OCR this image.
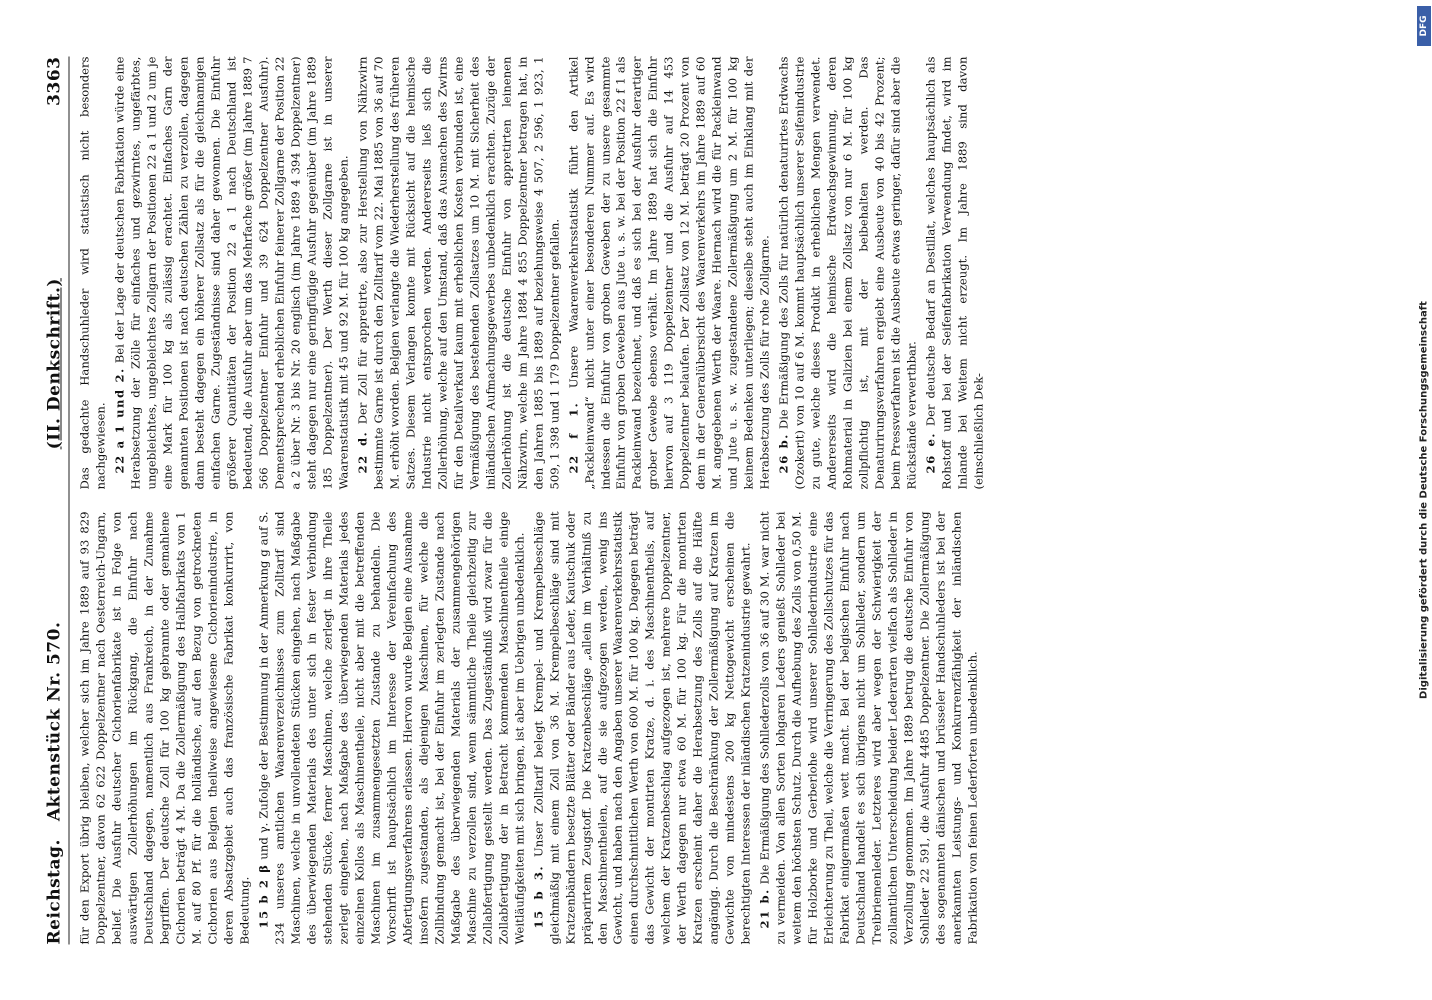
Reichstag.
Aktenstück Nr. 570.
(II. Denkschrift.)
3363

für den Export übrig bleiben, welcher sich im Jahre 1889 auf 93 829 Doppelzentner, davon 62 622 Doppelzentner nach Oesterreich-Ungarn, belief. Die Ausfuhr deutscher Cichorienfabrikate ist in Folge von auswärtigen Zollerhöhungen im Rückgang, die Einfuhr nach Deutschland dagegen, namentlich aus Frankreich, in der Zunahme begriffen. Der deutsche Zoll für 100 kg gebrannte oder gemahlene Cichorien beträgt 4 M. Da die Zollermäßigung des Halbfabrikats von 1 M. auf 80 Pf. für die holländische, auf den Bezug von getrockneten Cichorien aus Belgien theilweise angewiesene Cichorienindustrie, in deren Absatzgebiet auch das französische Fabrikat konkurrirt, von Bedeutung. 15 b 2 β und γ. Zufolge der Bestimmung in der Anmerkung g auf S. 234 unseres amtlichen Waarenverzeichnisses zum Zolltarif sind Maschinen, welche in unvollendeten Stücken eingehen, nach Maßgabe des überwiegenden Materials des unter sich in fester Verbindung stehenden Stücke, ferner Maschinen, welche zerlegt in ihre Theile zerlegt eingehen, nach Maßgabe des überwiegenden Materials jedes einzelnen Kollos als Maschinentheile, nicht aber mit die betreffenden Maschinen im zusammengesetzten Zustande zu behandeln. Die Vorschrift ist hauptsächlich im Interesse der Vereinfachung des Abfertigungsverfahrens erlassen. Hiervon wurde Belgien eine Ausnahme insofern zugestanden, als diejenigen Maschinen, für welche die Zollbindung gemacht ist, bei der Einfuhr im zerlegten Zustande nach Maßgabe des überwiegenden Materials der zusammengehörigen Maschine zu verzollen sind, wenn sämmtliche Theile gleichzeitig zur Zollabfertigung gestellt werden. Das Zugeständniß wird zwar für die Zollabfertigung der in Betracht kommenden Maschinentheile einige Weitläufigkeiten mit sich bringen, ist aber im Uebrigen unbedenklich. 15 b 3. Unser Zolltarif belegt Krempel- und Krempelbeschläge gleichmäßig mit einem Zoll von 36 M. Krempelbeschläge sind mit Kratzenbändern besetzte Blätter oder Bänder aus Leder, Kautschuk oder präparirtem Zeugstoff. Die Kratzenbeschläge „allein im Verhältniß zu den Maschinentheilen, auf die sie aufgezogen werden, wenig ins Gewicht, und haben nach den Angaben unserer Waarenverkehrsstatistik einen durchschnittlichen Werth von 600 M. für 100 kg. Dagegen beträgt das Gewicht der montirten Kratze, d. i. des Maschinentheils, auf welchem der Kratzenbeschlag aufgezogen ist, mehrere Doppelzentner, der Werth dagegen nur etwa 60 M. für 100 kg. Für die montirten Kratzen erscheint daher die Herabsetzung des Zolls auf die Hälfte angängig. Durch die Beschränkung der Zollermäßigung auf Kratzen im Gewichte von mindestens 200 kg Nettogewicht erscheinen die berechtigten Interessen der inländischen Kratzenindustrie gewahrt. 21 b. Die Ermäßigung des Sohllederzolls von 36 auf 30 M. war nicht zu vermeiden. Von allen Sorten lohgaren Leders genießt Sohlleder bei weitem den höchsten Schutz. Durch die Aufhebung des Zolls von 0,50 M. für Holzborke und Gerberlohe wird unserer Sohllederindustrie eine Erleichterung zu Theil, welche die Verringerung des Zollschutzes für das Fabrikat einigermaßen wett macht. Bei der belgischen Einfuhr nach Deutschland handelt es sich übrigens nicht um Sohlleder, sondern um Treibriemenleder. Letzteres wird aber wegen der Schwierigkeit der zollamtlichen Unterscheidung beider Lederarten vielfach als Sohlleder in Verzollung genommen. Im Jahre 1889 betrug die deutsche Einfuhr von Sohlleder 22 591, die Ausfuhr 4485 Doppelzentner. Die Zollermäßigung des sogenannten dänischen und brüsseler Handschuhleders ist bei der anerkannten Leistungs- und Konkurrenzfähigkeit der inländischen Fabrikation von feinen Lederforten unbedenklich.

Das gedachte Handschuhleder wird statistisch nicht besonders nachgewiesen. 22 a 1 und 2. Bei der Lage der deutschen Fabrikation würde eine Herabsetzung der Zölle für einfaches und gezwirntes, ungefärbtes, ungebleichtes, ungebleichtes Zollgarn der Positionen 22 a 1 und 2 um je eine Mark für 100 kg als zulässig erachtet. Einfaches Garn der genannten Positionen ist nach deutschen Zählen zu verzollen, dagegen dann besteht dagegen ein höherer Zollsatz als für die gleichnamigen einfachen Garne. Zugeständnisse sind daher gewonnen. Die Einfuhr größerer Quantitäten der Position 22 a 1 nach Deutschland ist bedeutend, die Ausfuhr aber um das Mehrfache größer (im Jahre 1889 7 566 Doppelzentner Einfuhr und 39 624 Doppelzentner Ausfuhr). Dementsprechend erheblichen Einfuhr feinerer Zollgarne der Position 22 a 2 über Nr. 3 bis Nr. 20 englisch (im Jahre 1889 4 394 Doppelzentner) steht dagegen nur eine geringfügige Ausfuhr gegenüber (im Jahre 1889 185 Doppelzentner). Der Werth dieser Zollgarne ist in unserer Waarenstatistik mit 45 und 92 M. für 100 kg angegeben. 22 d. Der Zoll für appretirte, also zur Herstellung von Nähzwirn bestimmte Garne ist durch den Zolltarif vom 22. Mai 1885 von 36 auf 70 M. erhöht worden. Belgien verlangte die Wiederherstellung des früheren Satzes. Diesem Verlangen konnte mit Rücksicht auf die heimische Industrie nicht entsprochen werden. Andererseits ließ sich die Zollerhöhung, welche auf den Umstand, daß das Ausmachen des Zwirns für den Detailverkauf kaum mit erheblichen Kosten verbunden ist, eine Vermäßigung des bestehenden Zollsatzes um 10 M. mit Sicherheit des inländischen Aufmachungsgewerbes unbedenklich erachten. Zuzüge der Zollerhöhung ist die deutsche Einfuhr von appretirten leinenen Nähzwirn, welche im Jahre 1884 4 855 Doppelzentner betragen hat, in den Jahren 1885 bis 1889 auf beziehungsweise 4 507, 2 596, 1 923, 1 509, 1 398 und 1 179 Doppelzentner gefallen. 22 f 1. Unsere Waarenverkehrsstatistik führt den Artikel „Packleinwand“ nicht unter einer besonderen Nummer auf. Es wird indessen die Einfuhr von groben Geweben der zu unsere gesammte Einfuhr von groben Geweben aus Jute u. s. w. bei der Position 22 f 1 als Packleinwand bezeichnet, und daß es sich bei der Ausfuhr derartiger grober Gewebe ebenso verhält. Im Jahre 1889 hat sich die Einfuhr hiervon auf 3 119 Doppelzentner und die Ausfuhr auf 14 453 Doppelzentner belaufen. Der Zollsatz von 12 M. beträgt 20 Prozent von dem in der Generalübersicht des Waarenverkehrs im Jahre 1889 auf 60 M. angegebenen Werth der Waare. Hiernach wird die für Packleinwand und Jute u. s. w. zugestandene Zollermäßigung um 2 M. für 100 kg keinem Bedenken unterliegen; dieselbe steht auch im Einklang mit der Herabsetzung des Zolls für rohe Zollgarne. 26 b. Die Ermäßigung des Zolls für natürlich denaturirtes Erdwachs (Ozokerit) von 10 auf 6 M. kommt hauptsächlich unserer Seifenindustrie zu gute, welche dieses Produkt in erheblichen Mengen verwendet. Andererseits wird die heimische Erdwachsgewinnung, deren Rohmaterial in Galizien bei einem Zollsatz von nur 6 M. für 100 kg zollpflichtig ist, mit der beibehalten werden. Das Denaturirungsverfahren ergiebt eine Ausbeute von 40 bis 42 Prozent; beim Pressverfahren ist die Ausbeute etwas geringer, dafür sind aber die Rückstände verwerthbar. 26 e. Der deutsche Bedarf an Destillat, welches hauptsächlich als Rohstoff und bei der Seifenfabrikation Verwendung findet, wird im Inlande bei Weitem nicht erzeugt. Im Jahre 1889 sind davon (einschließlich Dek-	Digitalisierung gefördert durch die Deutsche Forschungsgemeinschaft
DFG
